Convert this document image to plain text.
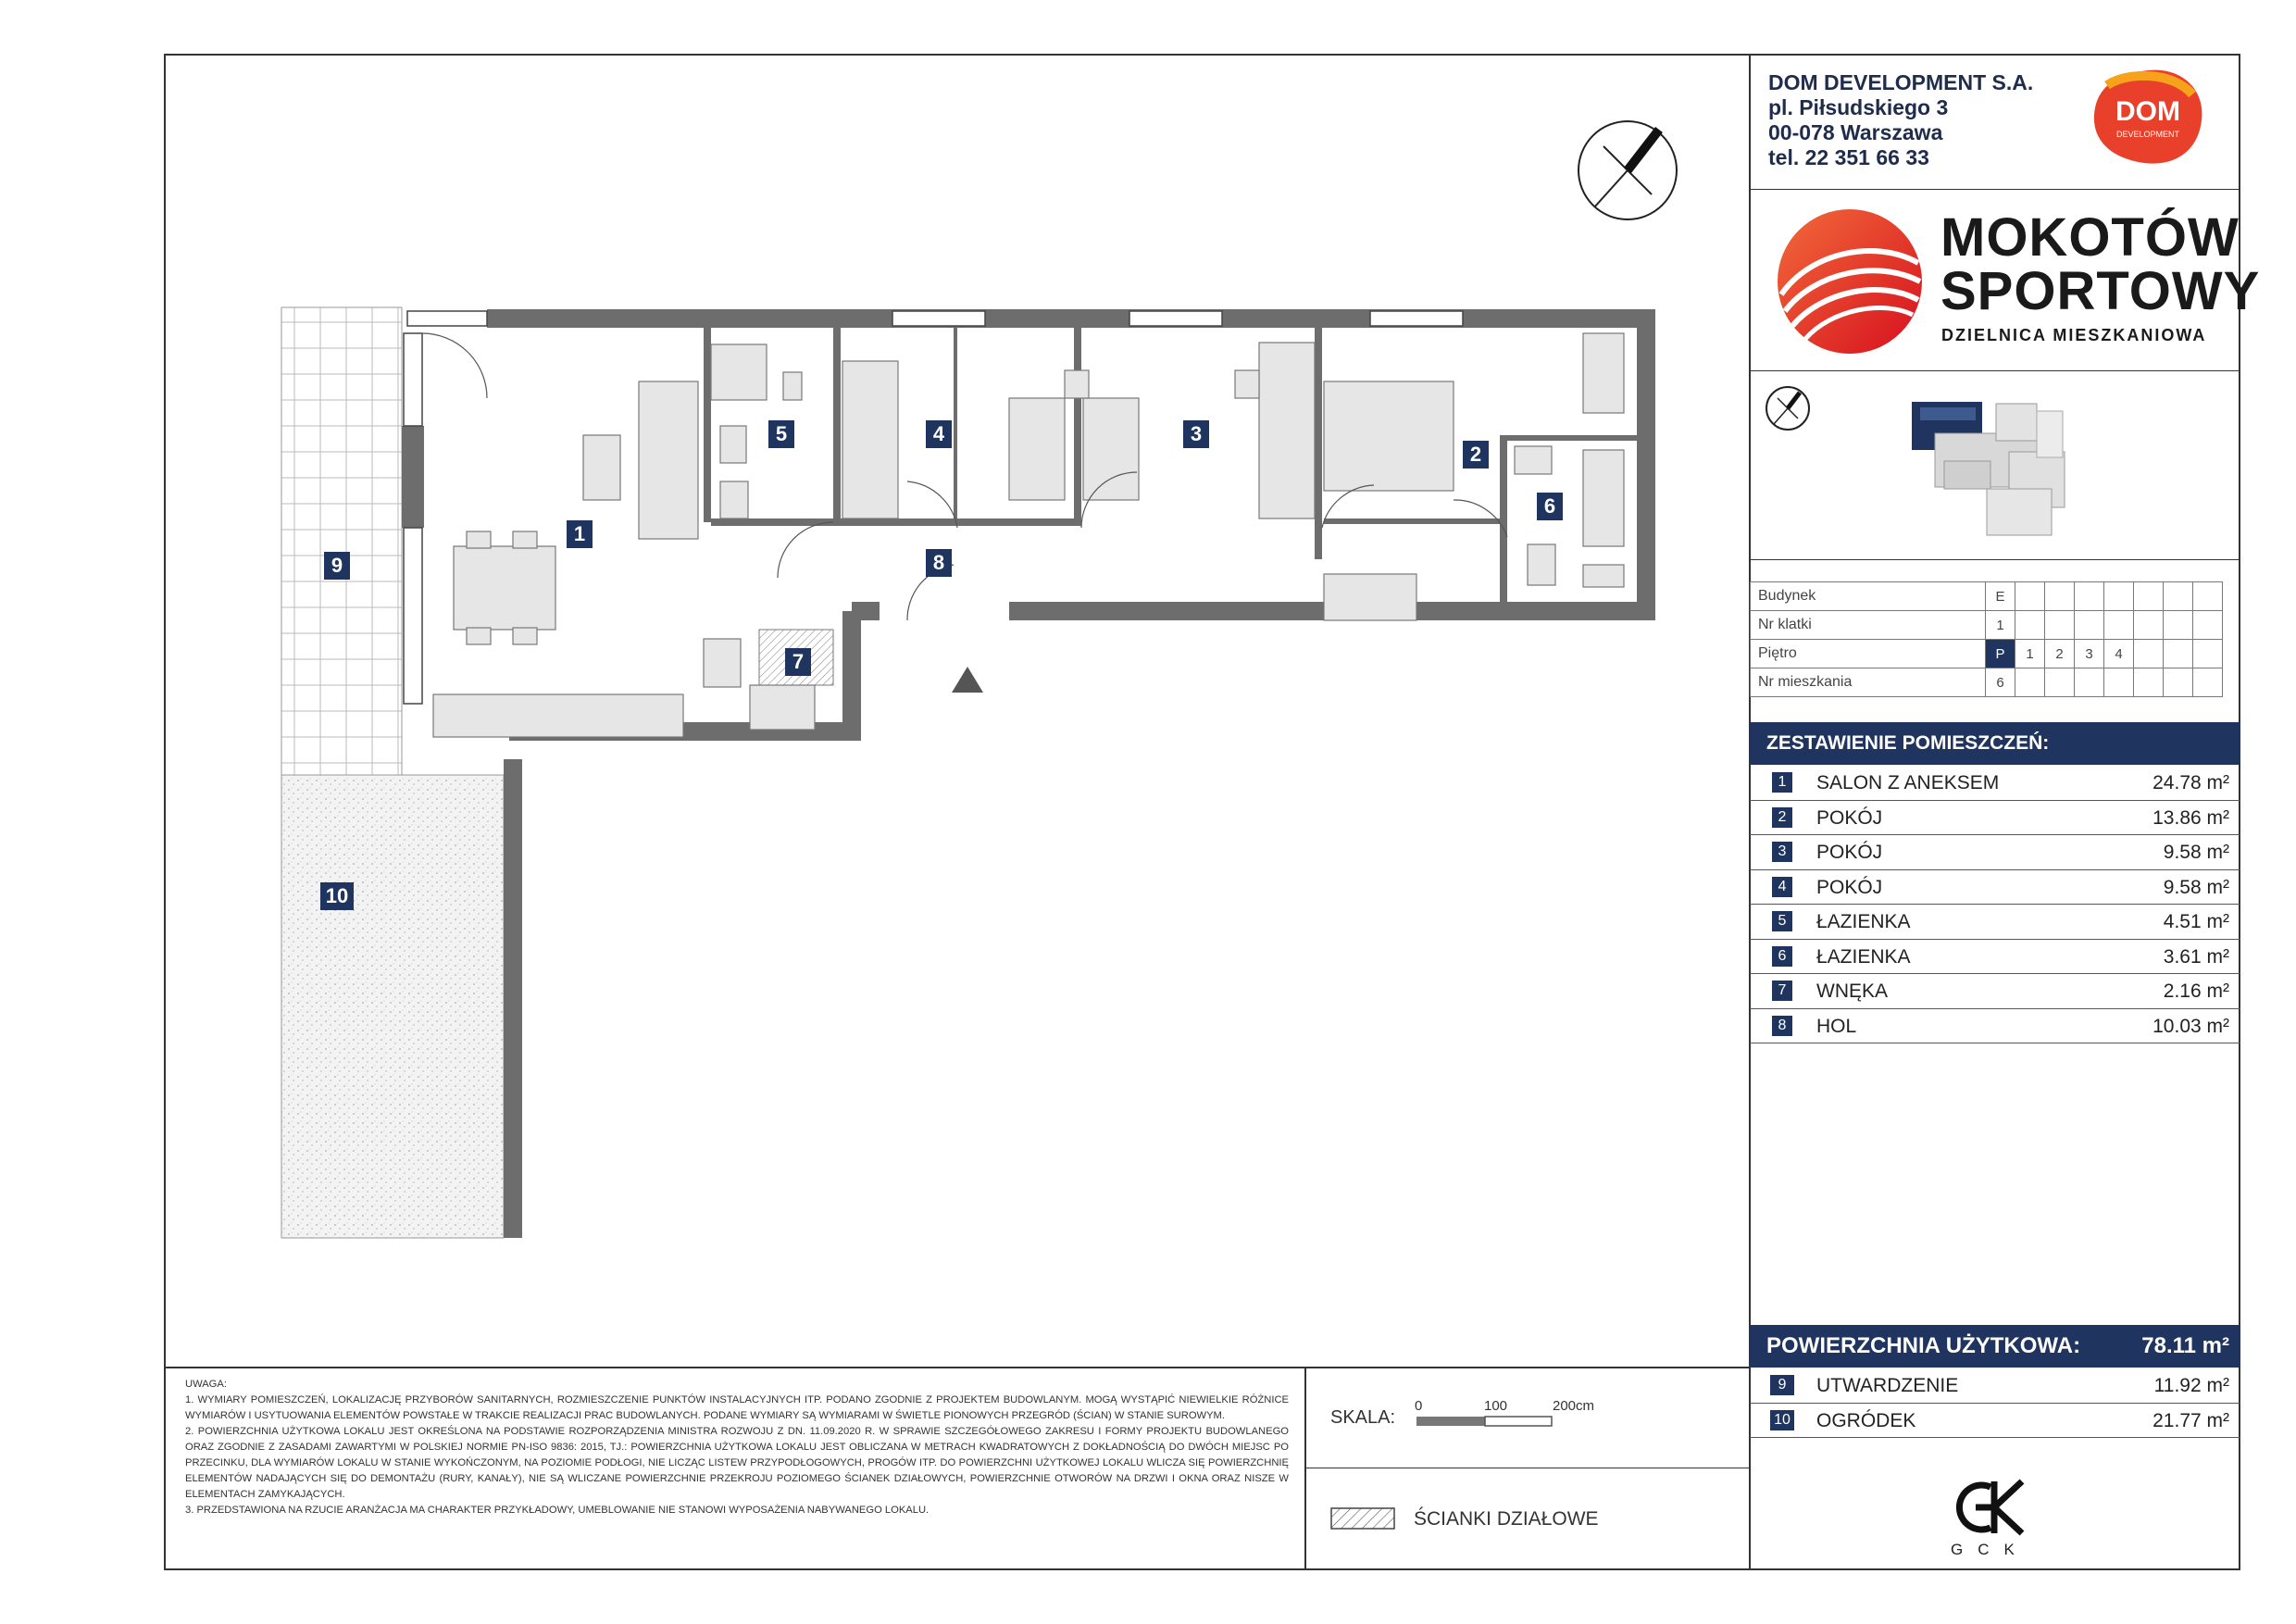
DOM DEVELOPMENT S.A.
pl. Piłsudskiego 3
00-078 Warszawa
tel. 22 351 66 33
DOM
DEVELOPMENT
MOKOTÓW
SPORTOWY
DZIELNICA MIESZKANIOWA
Budynek	E							
Nr klatki	1							
Piętro	P	1	2	3	4			
Nr mieszkania	6							
ZESTAWIENIE POMIESZCZEŃ:
1	SALON Z ANEKSEM	24.78 m²
2	POKÓJ	13.86 m²
3	POKÓJ	9.58 m²
4	POKÓJ	9.58 m²
5	ŁAZIENKA	4.51 m²
6	ŁAZIENKA	3.61 m²
7	WNĘKA	2.16 m²
8	HOL	10.03 m²
POWIERZCHNIA UŻYTKOWA:	78.11 m²
9	UTWARDZENIE	11.92 m²
10 OGRÓDEK	21.77 m²
GCK
UWAGA:
1. WYMIARY POMIESZCZEŃ, LOKALIZACJĘ PRZYBORÓW SANITARNYCH, ROZMIESZCZENIE PUNKTÓW INSTALACYJNYCH ITP. PODANO ZGODNIE Z PROJEKTEM BUDOWLANYM. MOGĄ WYSTĄPIĆ NIEWIELKIE RÓŻNICE WYMIARÓW I USYTUOWANIA ELEMENTÓW POWSTAŁE W TRAKCIE REALIZACJI PRAC BUDOWLANYCH. PODANE WYMIARY SĄ WYMIARAMI W ŚWIETLE PIONOWYCH PRZEGRÓD (ŚCIAN) W STANIE SUROWYM.
2. POWIERZCHNIA UŻYTKOWA LOKALU JEST OKREŚLONA NA PODSTAWIE ROZPORZĄDZENIA MINISTRA ROZWOJU Z DN. 11.09.2020 R. W SPRAWIE SZCZEGÓŁOWEGO ZAKRESU I FORMY PROJEKTU BUDOWLANEGO ORAZ ZGODNIE Z ZASADAMI ZAWARTYMI W POLSKIEJ NORMIE PN-ISO 9836: 2015, TJ.: POWIERZCHNIA UŻYTKOWA LOKALU JEST OBLICZANA W METRACH KWADRATOWYCH Z DOKŁADNOŚCIĄ DO DWÓCH MIEJSC PO PRZECINKU, DLA WYMIARÓW LOKALU W STANIE WYKOŃCZONYM, NA POZIOMIE PODŁOGI, NIE LICZĄC LISTEW PRZYPODŁOGOWYCH, PROGÓW ITP. DO POWIERZCHNI UŻYTKOWEJ LOKALU WLICZA SIĘ POWIERZCHNIĘ ELEMENTÓW NADAJĄCYCH SIĘ DO DEMONTAŻU (RURY, KANAŁY), NIE SĄ WLICZANE POWIERZCHNIE PRZEKROJU POZIOMEGO ŚCIANEK DZIAŁOWYCH, POWIERZCHNIE OTWORÓW NA DRZWI I OKNA ORAZ NISZE W ELEMENTACH ZAMYKAJĄCYCH.
3. PRZEDSTAWIONA NA RZUCIE ARANŻACJA MA CHARAKTER PRZYKŁADOWY, UMEBLOWANIE NIE STANOWI WYPOSAŻENIA NABYWANEGO LOKALU.
SKALA:
0	100	200cm
ŚCIANKI DZIAŁOWE
1
2
3
4
5
6
7
8
9
10
